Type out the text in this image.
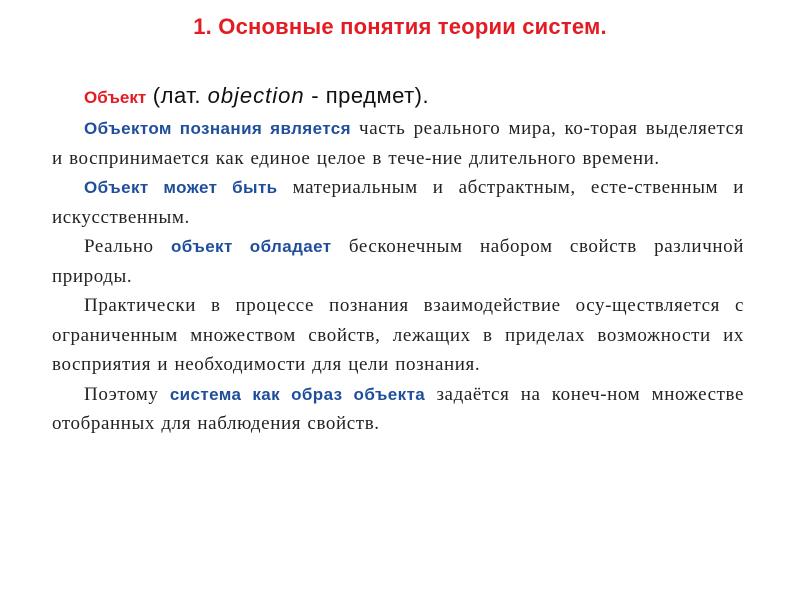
1. Основные понятия теории систем.
Объект (лат. objection - предмет).

Объектом познания является часть реального мира, ко-торая выделяется и воспринимается как единое целое в тече-ние длительного времени.

Объект может быть материальным и абстрактным, есте-ственным и искусственным.

Реально объект обладает бесконечным набором свойств различной природы.

Практически в процессе познания взаимодействие осу-ществляется с ограниченным множеством свойств, лежащих в приделах возможности их восприятия и необходимости для цели познания.

Поэтому система как образ объекта задаётся на конеч-ном множестве отобранных для наблюдения свойств.
